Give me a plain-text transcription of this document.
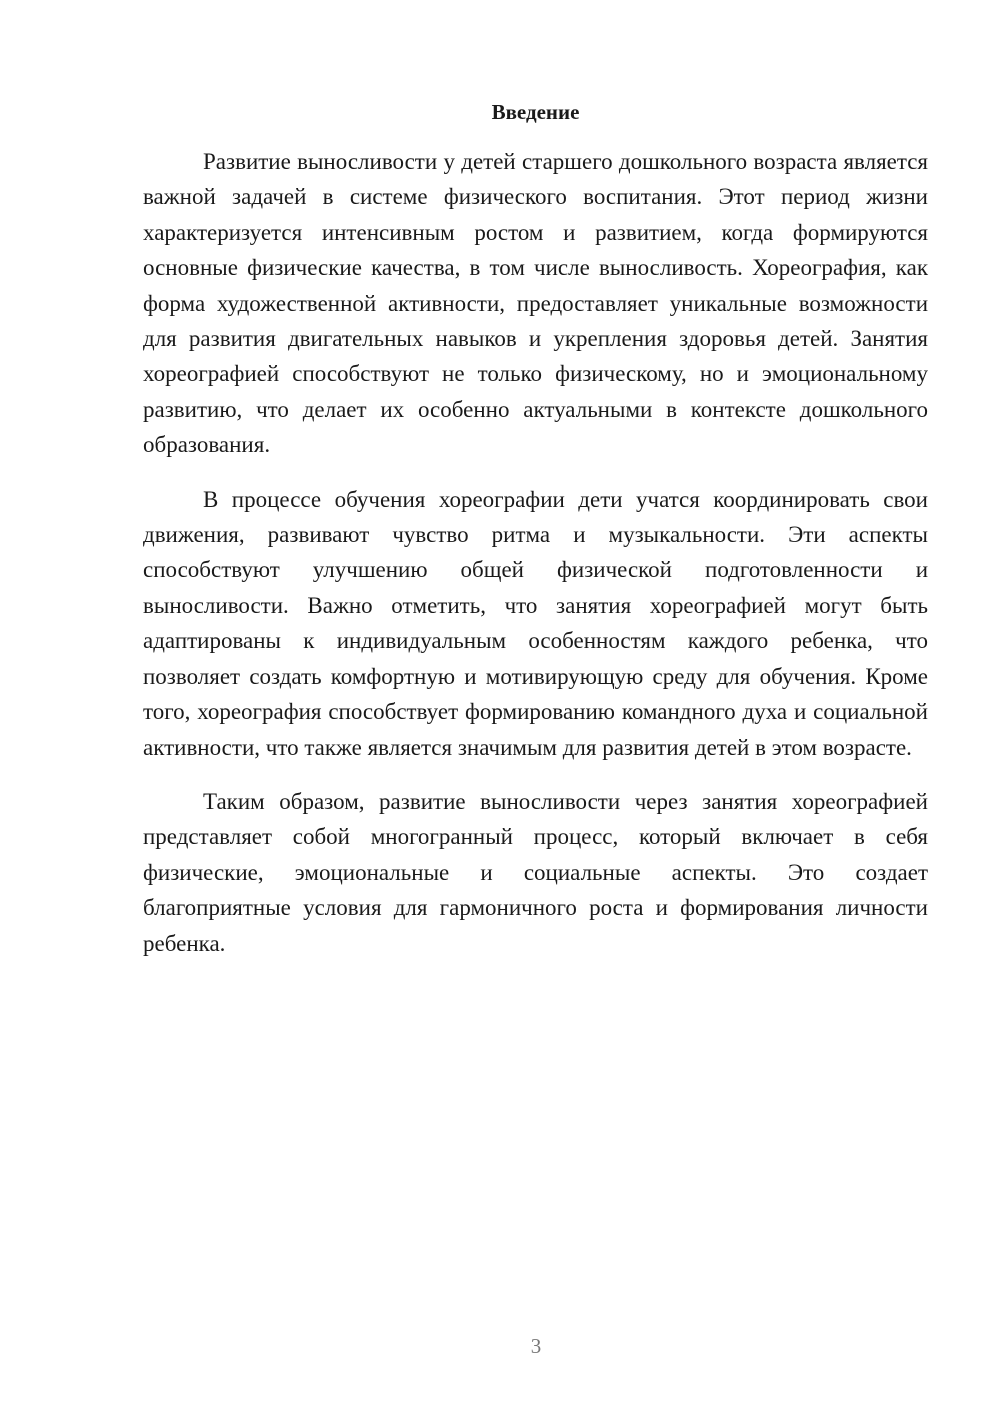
Введение

Развитие выносливости у детей старшего дошкольного возраста является важной задачей в системе физического воспитания. Этот период жизни характеризуется интенсивным ростом и развитием, когда формируются основные физические качества, в том числе выносливость. Хореография, как форма художественной активности, предоставляет уникальные возможности для развития двигательных навыков и укрепления здоровья детей. Занятия хореографией способствуют не только физическому, но и эмоциональному развитию, что делает их особенно актуальными в контексте дошкольного образования.

В процессе обучения хореографии дети учатся координировать свои движения, развивают чувство ритма и музыкальности. Эти аспекты способствуют улучшению общей физической подготовленности и выносливости. Важно отметить, что занятия хореографией могут быть адаптированы к индивидуальным особенностям каждого ребенка, что позволяет создать комфортную и мотивирующую среду для обучения. Кроме того, хореография способствует формированию командного духа и социальной активности, что также является значимым для развития детей в этом возрасте.

Таким образом, развитие выносливости через занятия хореографией представляет собой многогранный процесс, который включает в себя физические, эмоциональные и социальные аспекты. Это создает благоприятные условия для гармоничного роста и формирования личности ребенка.

3
